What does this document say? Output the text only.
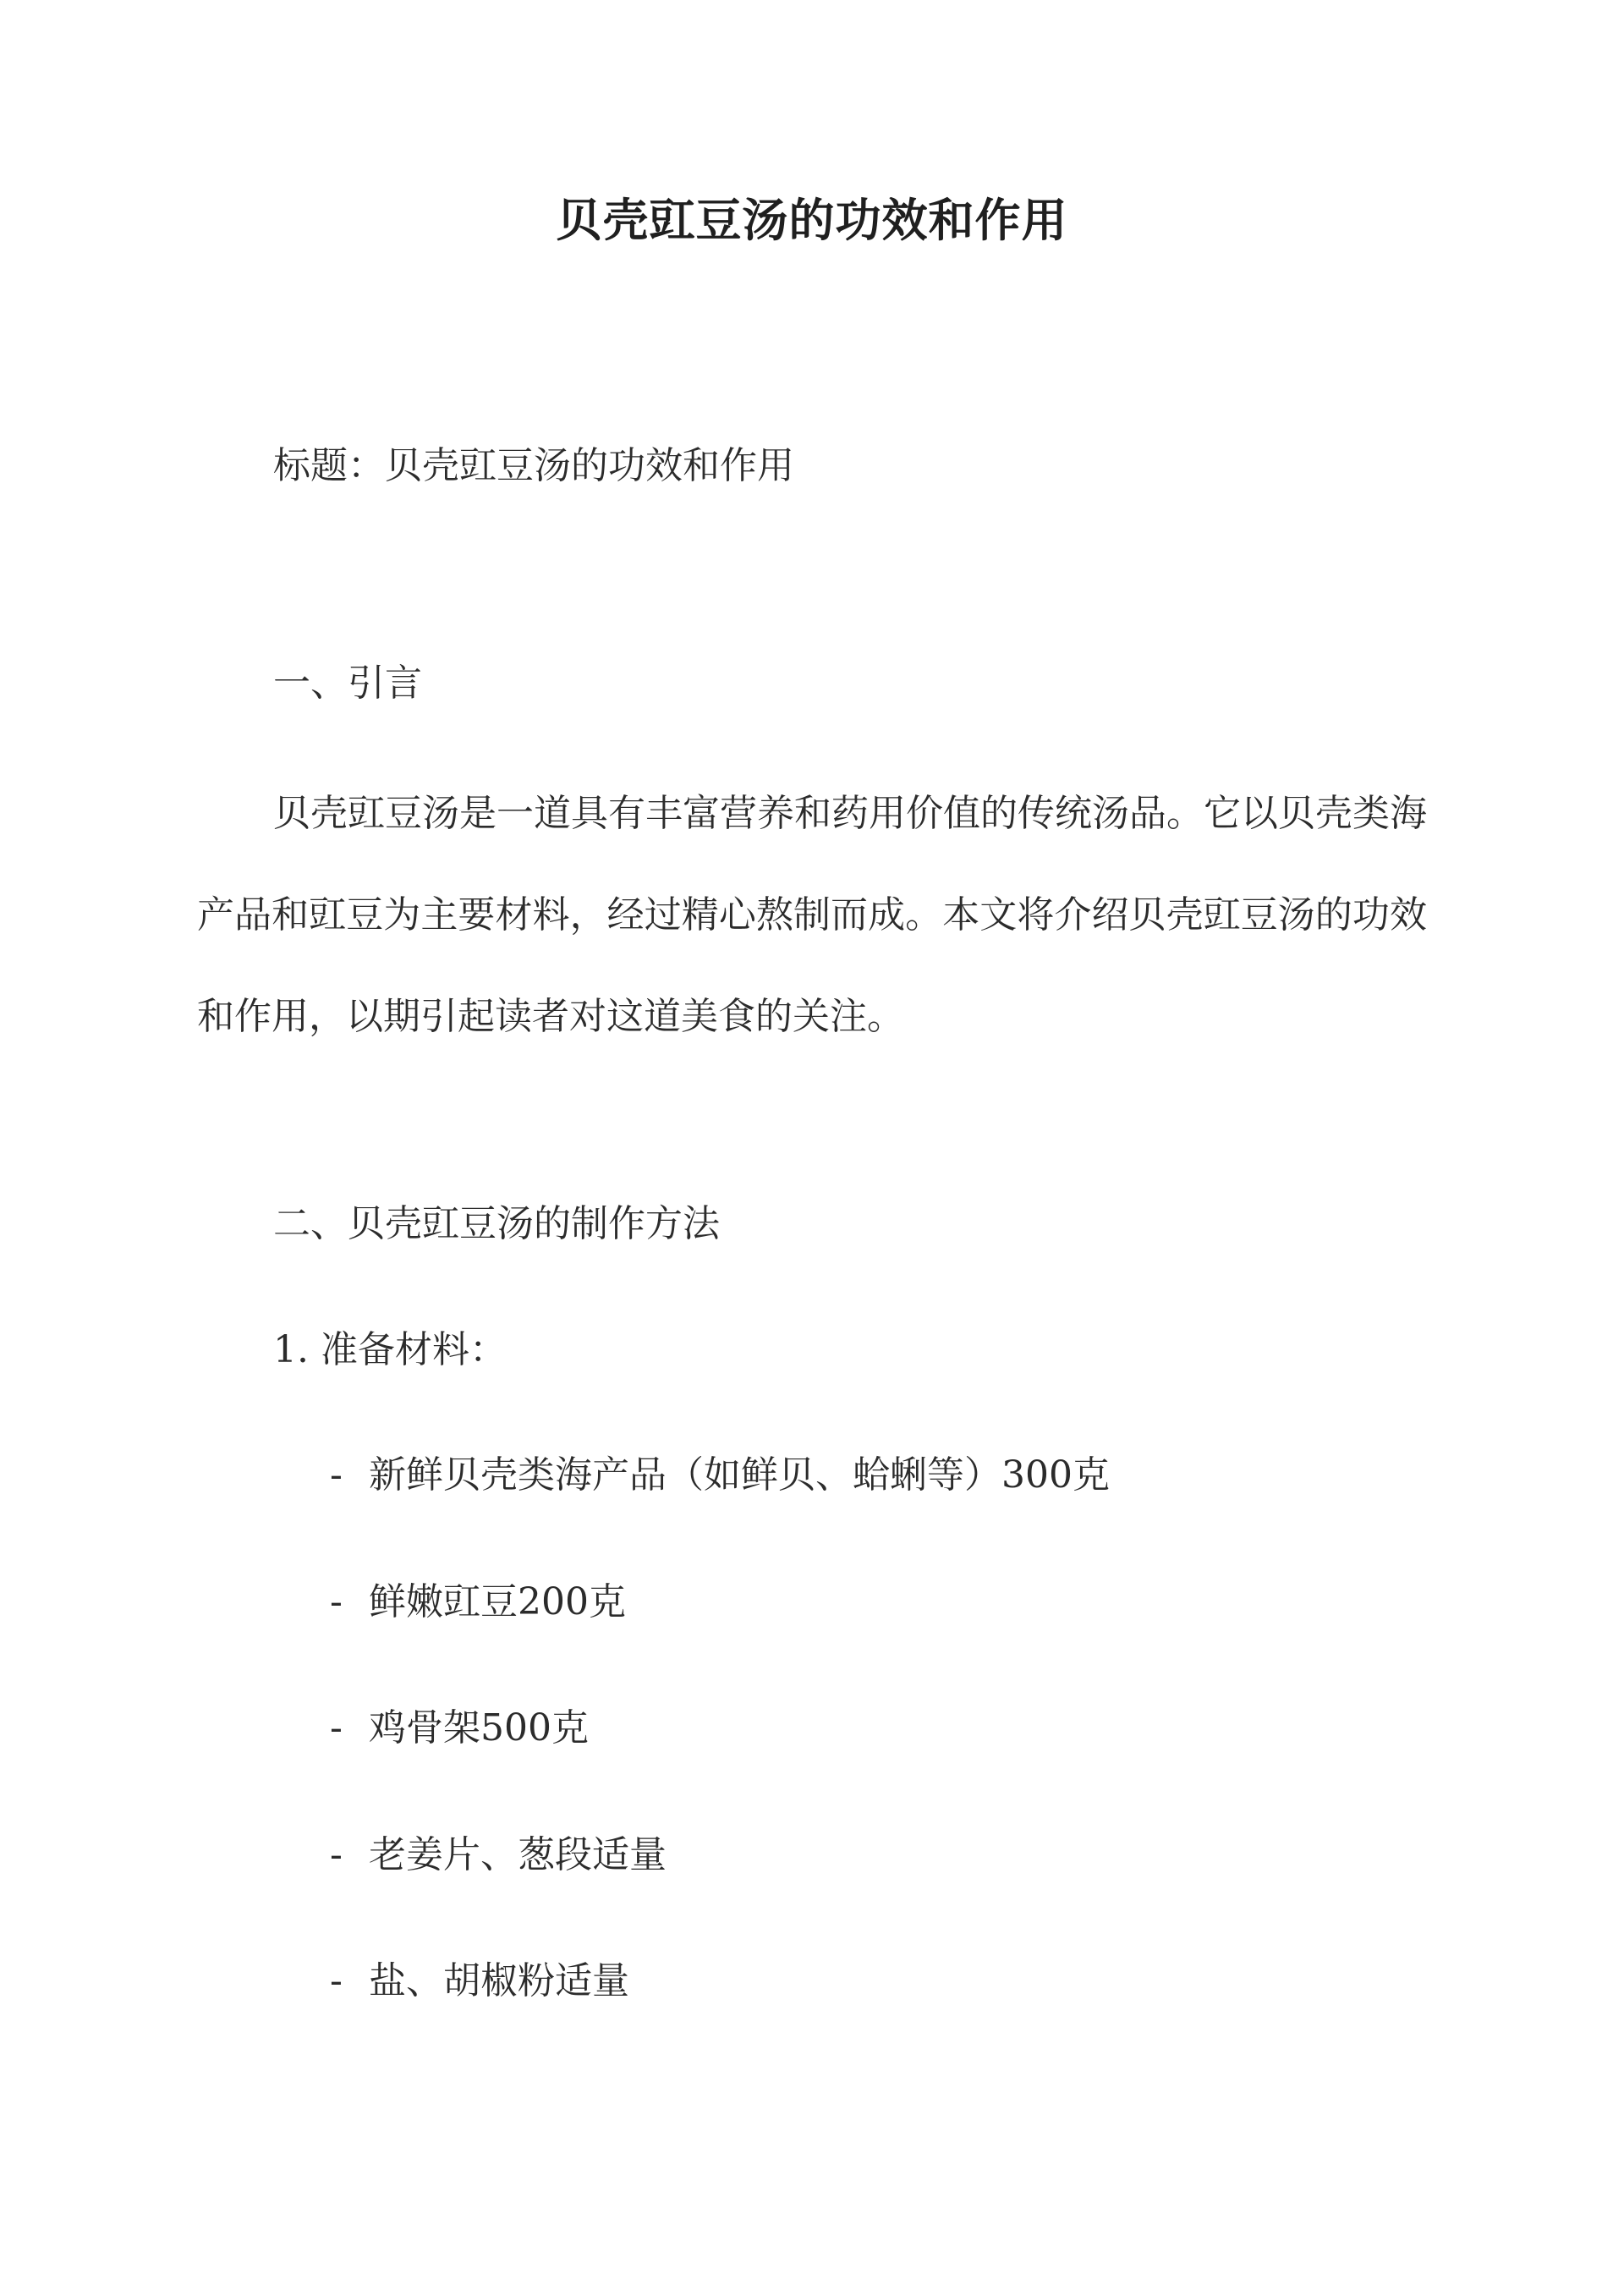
贝壳豇豆汤的功效和作用
标题：贝壳豇豆汤的功效和作用
一、引言
贝壳豇豆汤是一道具有丰富营养和药用价值的传统汤品。它以贝壳类海产品和豇豆为主要材料，经过精心熬制而成。本文将介绍贝壳豇豆汤的功效和作用，以期引起读者对这道美食的关注。
二、贝壳豇豆汤的制作方法
1. 准备材料：
- 新鲜贝壳类海产品（如鲜贝、蛤蜊等）300克
- 鲜嫩豇豆200克
- 鸡骨架500克
- 老姜片、葱段适量
- 盐、胡椒粉适量
